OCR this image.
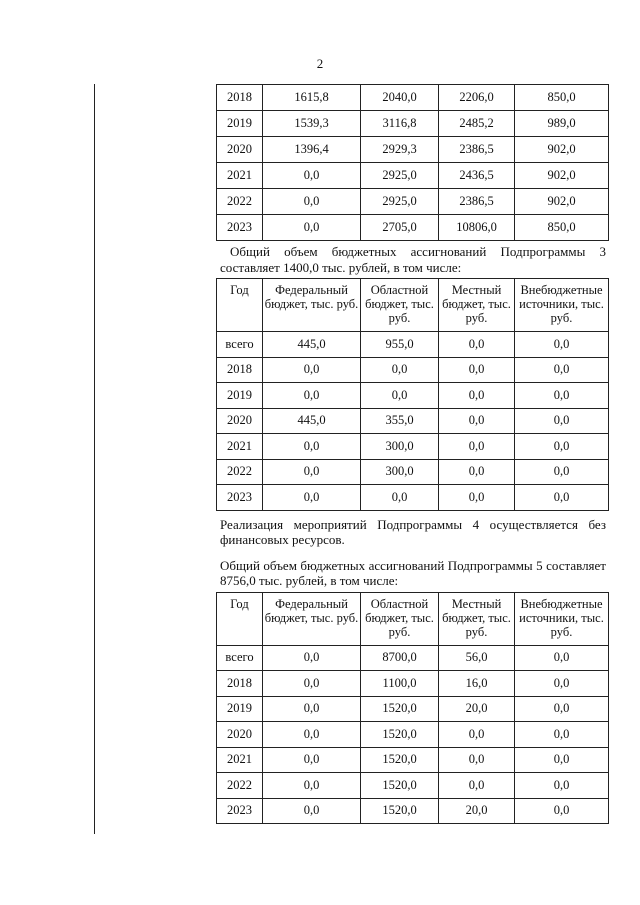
2
2018	1615,8	2040,0	2206,0	850,0
2019	1539,3	3116,8	2485,2	989,0
2020	1396,4	2929,3	2386,5	902,0
2021	0,0	2925,0	2436,5	902,0
2022	0,0	2925,0	2386,5	902,0
2023	0,0	2705,0	10806,0	850,0

Общий объем бюджетных ассигнований Подпрограммы 3 составляет 1400,0 тыс. рублей, в том числе:

Год	Федеральный бюджет, тыс. руб.	Областной бюджет, тыс. руб.	Местный бюджет, тыс. руб.	Внебюджетные источники, тыс. руб.
всего	445,0	955,0	0,0	0,0
2018	0,0	0,0	0,0	0,0
2019	0,0	0,0	0,0	0,0
2020	445,0	355,0	0,0	0,0
2021	0,0	300,0	0,0	0,0
2022	0,0	300,0	0,0	0,0
2023	0,0	0,0	0,0	0,0

Реализация мероприятий Подпрограммы 4 осуществляется без финансовых ресурсов.

Общий объем бюджетных ассигнований Подпрограммы 5 составляет 8756,0 тыс. рублей, в том числе:

Год	Федеральный бюджет, тыс. руб.	Областной бюджет, тыс. руб.	Местный бюджет, тыс. руб.	Внебюджетные источники, тыс. руб.
всего	0,0	8700,0	56,0	0,0
2018	0,0	1100,0	16,0	0,0
2019	0,0	1520,0	20,0	0,0
2020	0,0	1520,0	0,0	0,0
2021	0,0	1520,0	0,0	0,0
2022	0,0	1520,0	0,0	0,0
2023	0,0	1520,0	20,0	0,0
